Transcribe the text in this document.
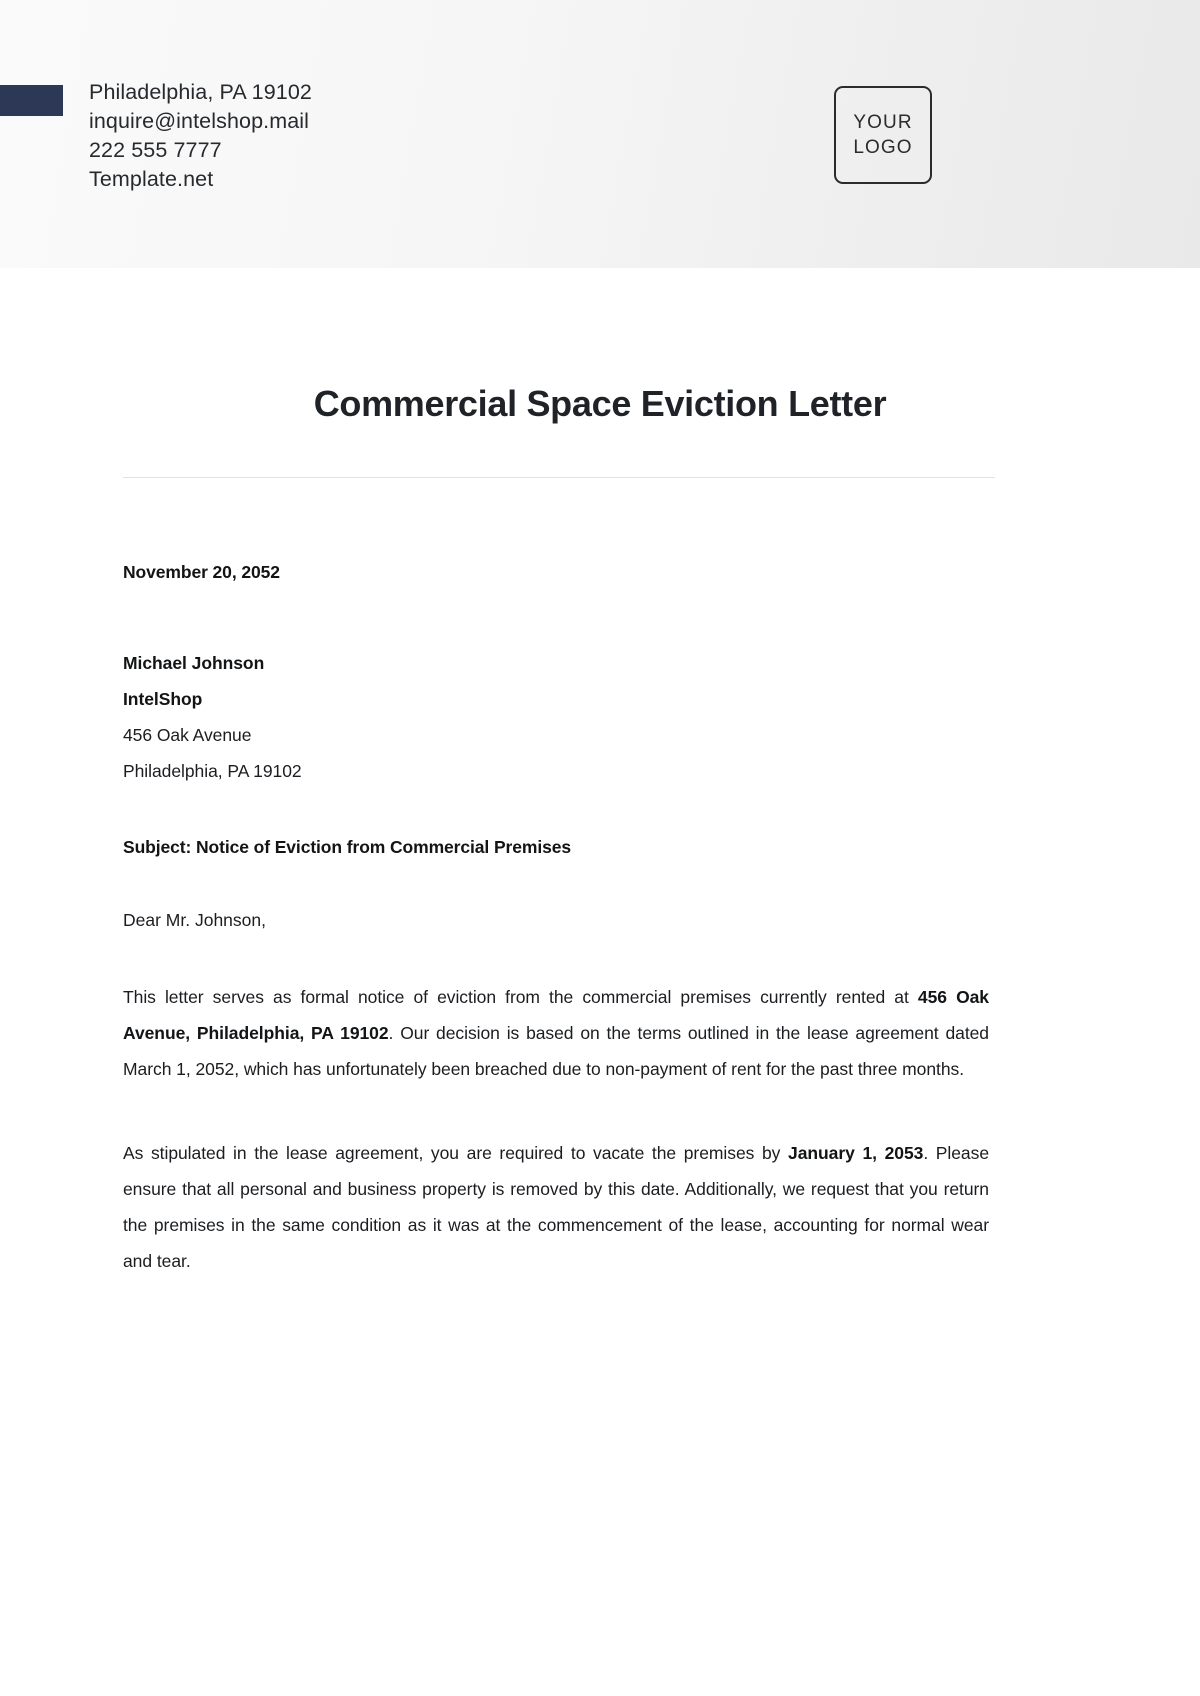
Philadelphia, PA 19102
inquire@intelshop.mail
222 555 7777
Template.net
YOUR
LOGO
Commercial Space Eviction Letter
November 20, 2052
Michael Johnson
IntelShop
456 Oak Avenue
Philadelphia, PA 19102
Subject: Notice of Eviction from Commercial Premises
Dear Mr. Johnson,

This letter serves as formal notice of eviction from the commercial premises currently rented at 456 Oak Avenue, Philadelphia, PA 19102. Our decision is based on the terms outlined in the lease agreement dated March 1, 2052, which has unfortunately been breached due to non-payment of rent for the past three months.

As stipulated in the lease agreement, you are required to vacate the premises by January 1, 2053. Please ensure that all personal and business property is removed by this date. Additionally, we request that you return the premises in the same condition as it was at the commencement of the lease, accounting for normal wear and tear.
